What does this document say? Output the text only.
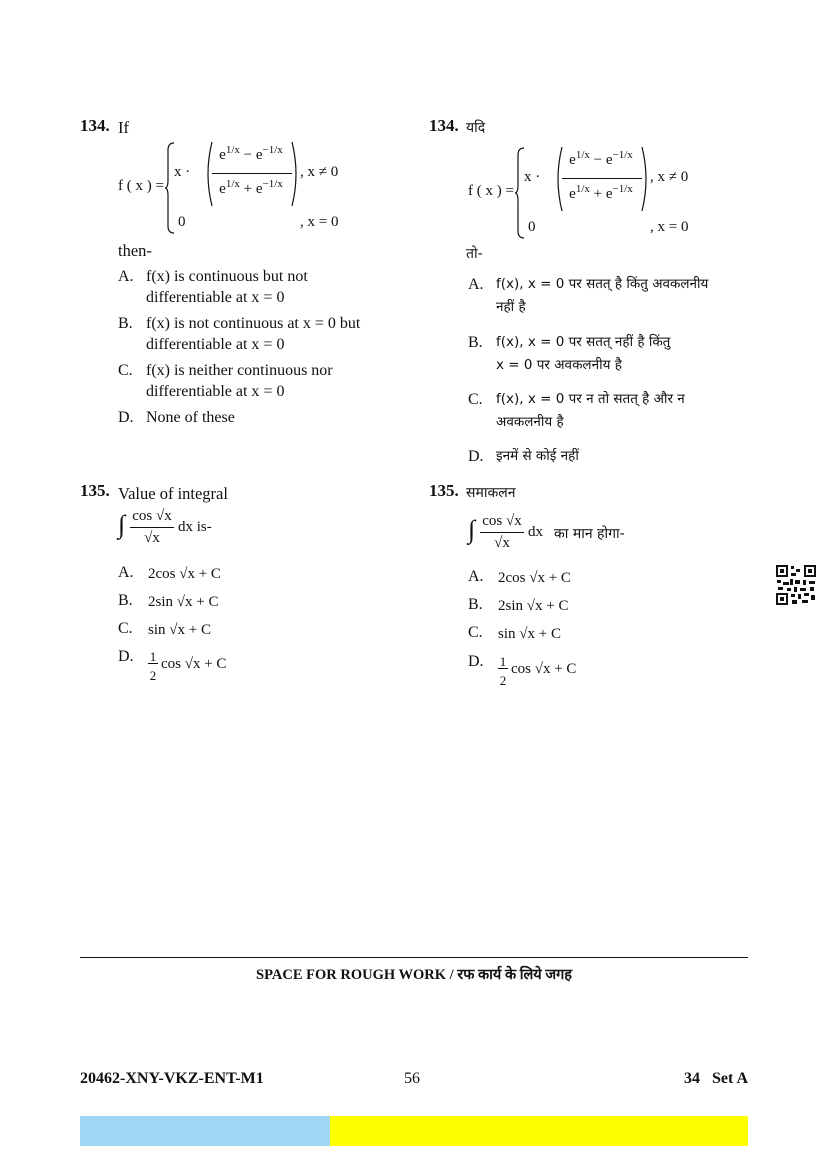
134. If
f ( x ) =
x ·
$e^{1/x} - e^{-1/x}$
$e^{1/x} + e^{-1/x}$
, x ≠ 0
0	, x = 0
then-
A. f(x) is continuous but not
differentiable at x = 0
B. f(x) is not continuous at x = 0 but
differentiable at x = 0
C. f(x) is neither continuous nor
differentiable at x = 0
D. None of these
134. यदि
f ( x ) =
x ·
$e^{1/x} - e^{-1/x}$
$e^{1/x} + e^{-1/x}$
, x ≠ 0
0	, x = 0
तो-
A. f(x), x = 0 पर सतत् है किंतु अवकलनीय
नहीं है
B. f(x), x = 0 पर सतत् नहीं है किंतु
x = 0 पर अवकलनीय है
C. f(x), x = 0 पर न तो सतत् है और न
अवकलनीय है
D. इनमें से कोई नहीं
135. Value of integral
∫ cos √x
√x
dx is-
A. 2cos √x + C
B. 2sin √x + C
C. sin √x + C
D. 1
2
cos √x + C
135. समाकलन
∫ cos √x
√x
dx का मान होगा-
A. 2cos √x + C
B. 2sin √x + C
C. sin √x + C
D. 1
2
cos √x + C
SPACE FOR ROUGH WORK / रफ कार्य के लिये जगह
20462-XNY-VKZ-ENT-M1	56	34   Set A
